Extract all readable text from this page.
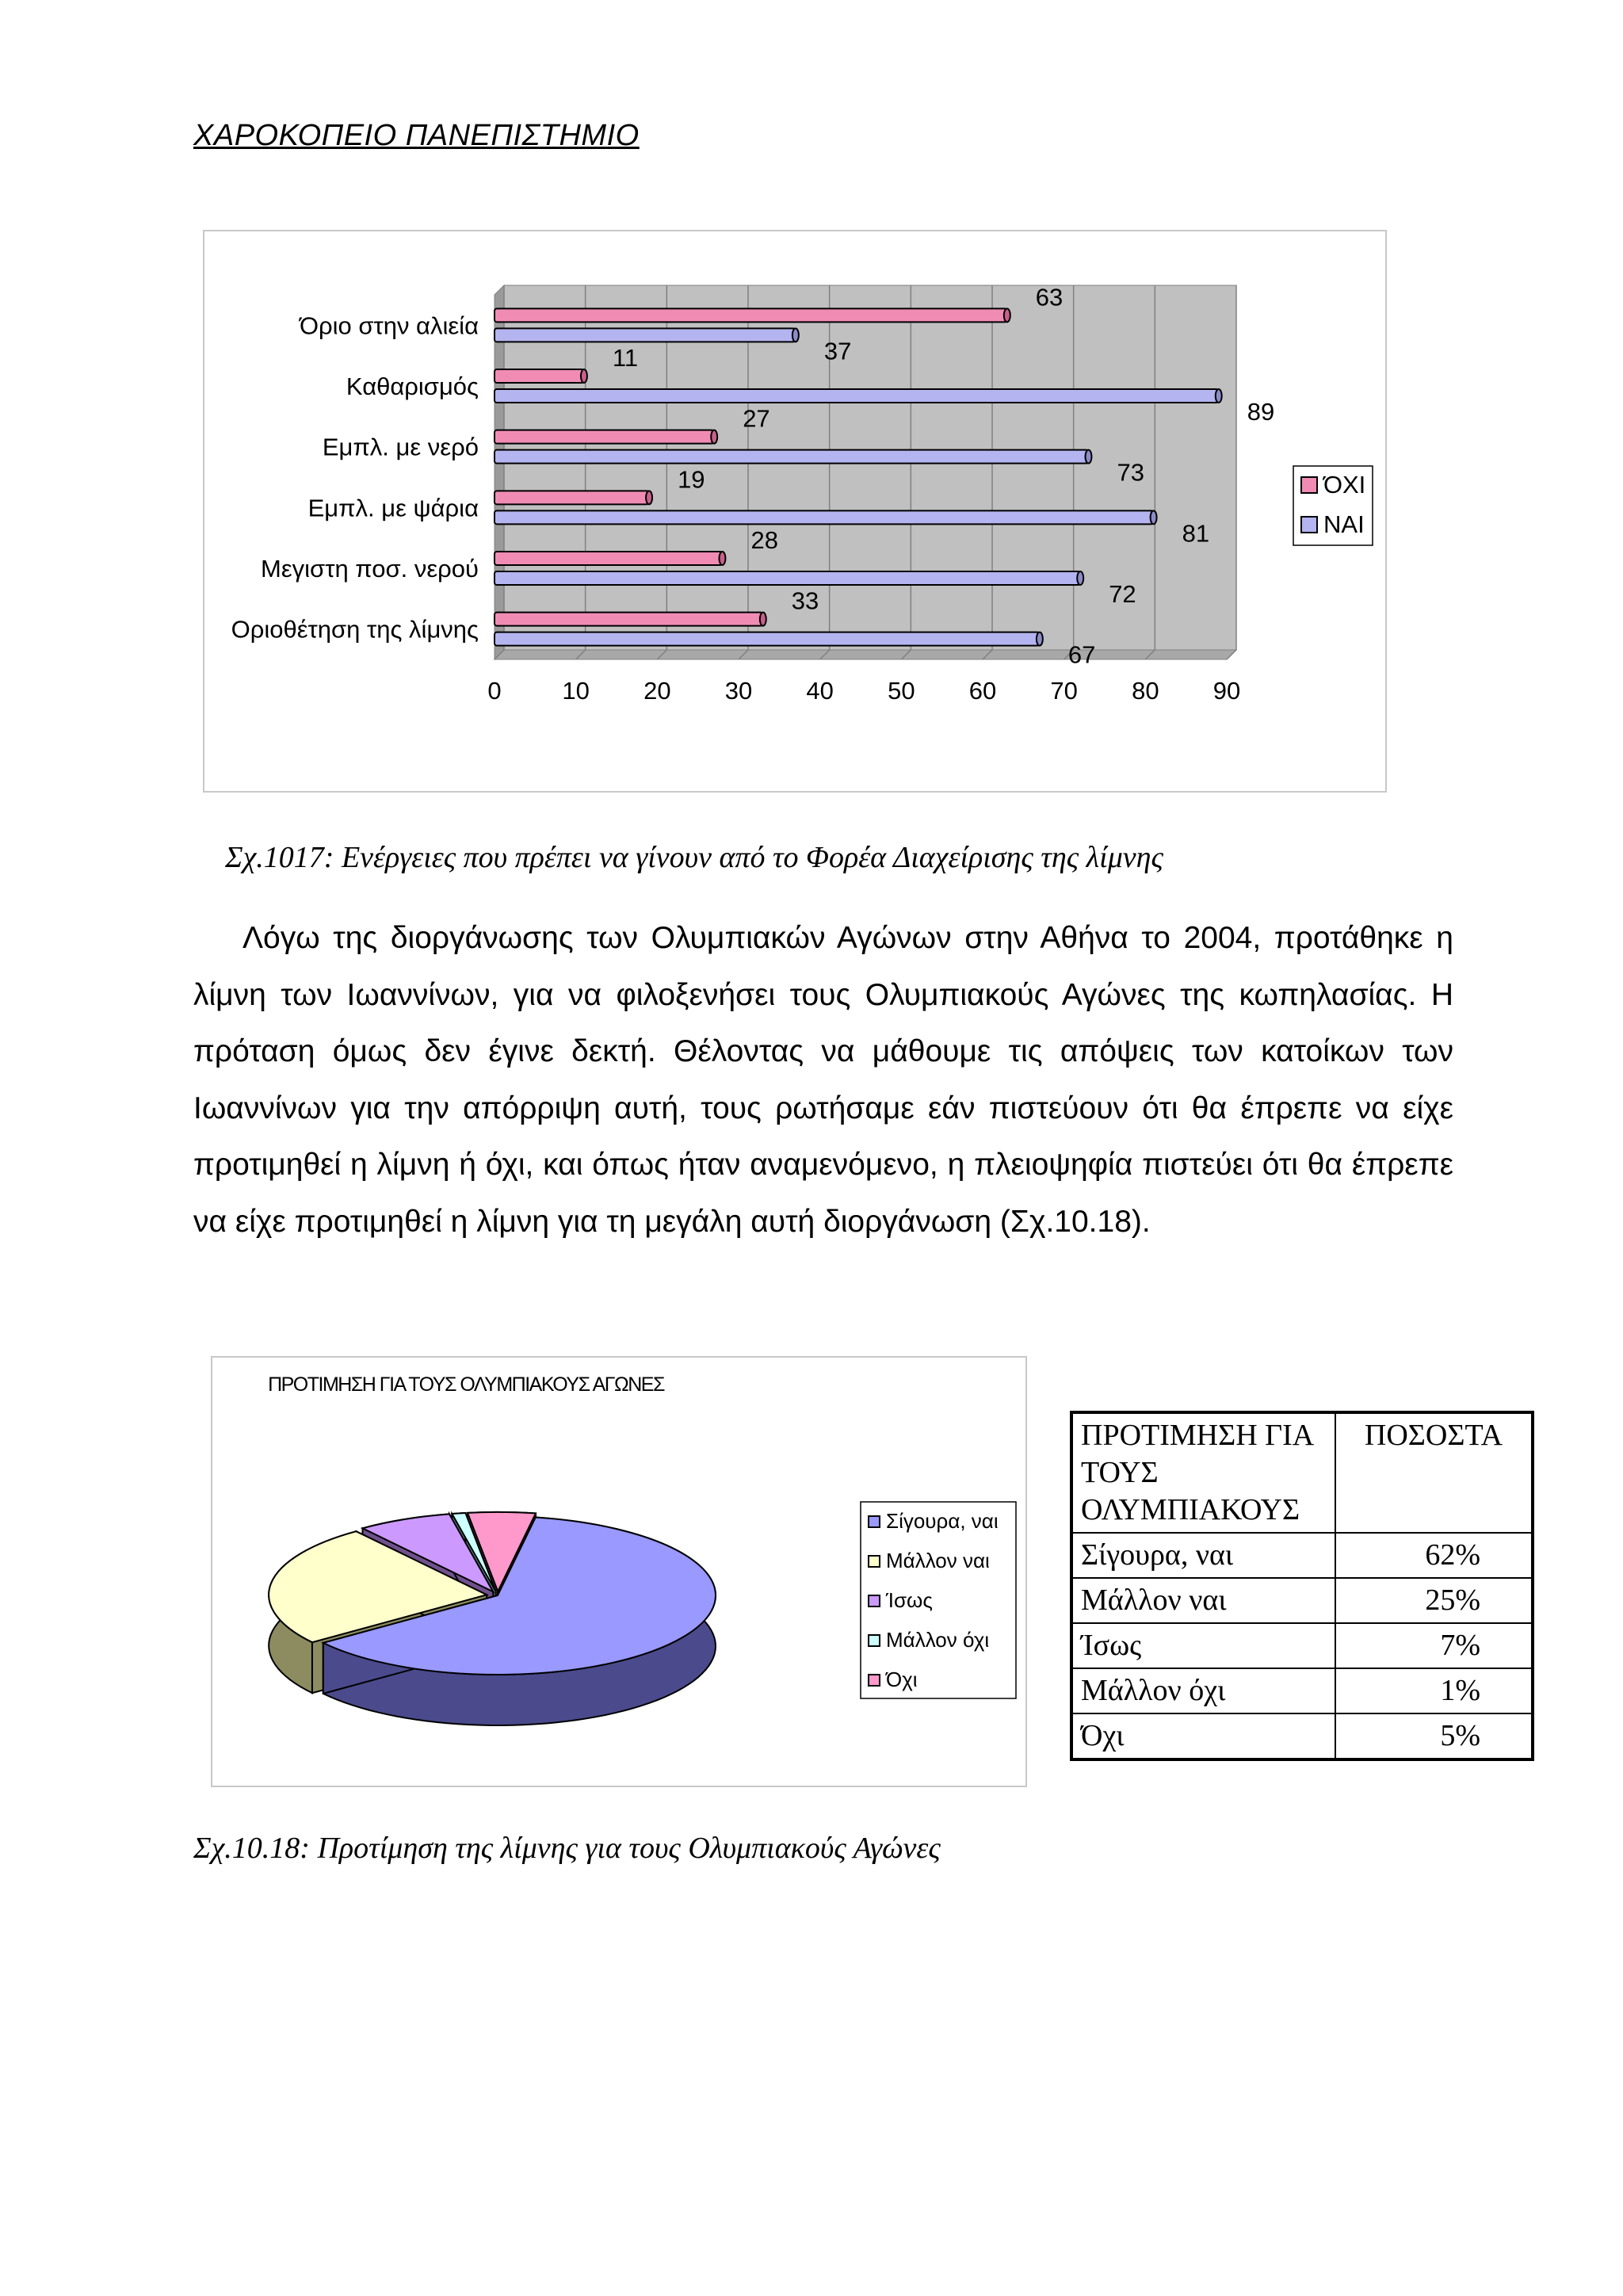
ΧΑΡΟΚΟΠΕΙΟ ΠΑΝΕΠΙΣΤΗΜΙΟ
0 10 20 30 40 50 60 70 80 90
Όριο στην αλιεία
63
37
Καθαρισμός
11
89
Εμπλ. με νερό
27
73
Εμπλ. με ψάρια
19
81
Μεγιστη ποσ. νερού
28
72
Οριοθέτηση της λίμνης
33
67
ΌΧΙ
ΝΑΙ
Σχ.1017: Ενέργειες που πρέπει να γίνουν από το Φορέα Διαχείρισης της λίμνης
Λόγω της διοργάνωσης των Ολυμπιακών Αγώνων στην Αθήνα το 2004, προτάθηκε η λίμνη των Ιωαννίνων, για να φιλοξενήσει τους Ολυμπιακούς Αγώνες της κωπηλασίας. Η πρόταση όμως δεν έγινε δεκτή. Θέλοντας να μάθουμε τις απόψεις των κατοίκων των Ιωαννίνων για την απόρριψη αυτή, τους ρωτήσαμε εάν πιστεύουν ότι θα έπρεπε να είχε προτιμηθεί η λίμνη ή όχι, και όπως ήταν αναμενόμενο, η πλειοψηφία πιστεύει ότι θα έπρεπε να είχε προτιμηθεί η λίμνη για τη μεγάλη αυτή διοργάνωση (Σχ.10.18).
ΠΡΟΤΙΜΗΣΗ ΓΙΑ ΤΟΥΣ ΟΛΥΜΠΙΑΚΟΥΣ ΑΓΩΝΕΣ
Σίγουρα, ναι
Μάλλον ναι
Ίσως
Μάλλον όχι
Όχι
ΠΡΟΤΙΜΗΣΗ ΓΙΑ ΤΟΥΣ ΟΛΥΜΠΙΑΚΟΥΣ	ΠΟΣΟΣΤΑ
Σίγουρα, ναι	62%
Μάλλον ναι	25%
Ίσως	7%
Μάλλον όχι	1%
Όχι	5%
Σχ.10.18: Προτίμηση της λίμνης για τους Ολυμπιακούς Αγώνες
